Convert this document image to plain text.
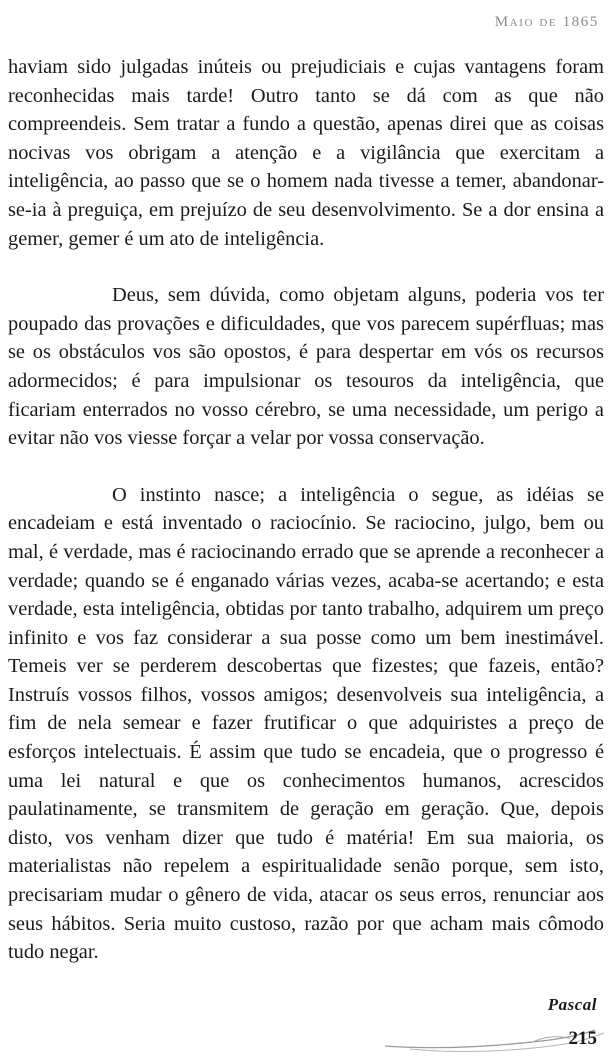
Maio de 1865

haviam sido julgadas inúteis ou prejudiciais e cujas vantagens foram reconhecidas mais tarde! Outro tanto se dá com as que não compreendeis. Sem tratar a fundo a questão, apenas direi que as coisas nocivas vos obrigam a atenção e a vigilância que exercitam a inteligência, ao passo que se o homem nada tivesse a temer, abandonar-se-ia à preguiça, em prejuízo de seu desenvolvimento. Se a dor ensina a gemer, gemer é um ato de inteligência.

Deus, sem dúvida, como objetam alguns, poderia vos ter poupado das provações e dificuldades, que vos parecem supérfluas; mas se os obstáculos vos são opostos, é para despertar em vós os recursos adormecidos; é para impulsionar os tesouros da inteligência, que ficariam enterrados no vosso cérebro, se uma necessidade, um perigo a evitar não vos viesse forçar a velar por vossa conservação.

O instinto nasce; a inteligência o segue, as idéias se encadeiam e está inventado o raciocínio. Se raciocino, julgo, bem ou mal, é verdade, mas é raciocinando errado que se aprende a reconhecer a verdade; quando se é enganado várias vezes, acaba-se acertando; e esta verdade, esta inteligência, obtidas por tanto trabalho, adquirem um preço infinito e vos faz considerar a sua posse como um bem inestimável. Temeis ver se perderem descobertas que fizestes; que fazeis, então? Instruís vossos filhos, vossos amigos; desenvolveis sua inteligência, a fim de nela semear e fazer frutificar o que adquiristes a preço de esforços intelectuais. É assim que tudo se encadeia, que o progresso é uma lei natural e que os conhecimentos humanos, acrescidos paulatinamente, se transmitem de geração em geração. Que, depois disto, vos venham dizer que tudo é matéria! Em sua maioria, os materialistas não repelem a espiritualidade senão porque, sem isto, precisariam mudar o gênero de vida, atacar os seus erros, renunciar aos seus hábitos. Seria muito custoso, razão por que acham mais cômodo tudo negar.

Pascal
215
